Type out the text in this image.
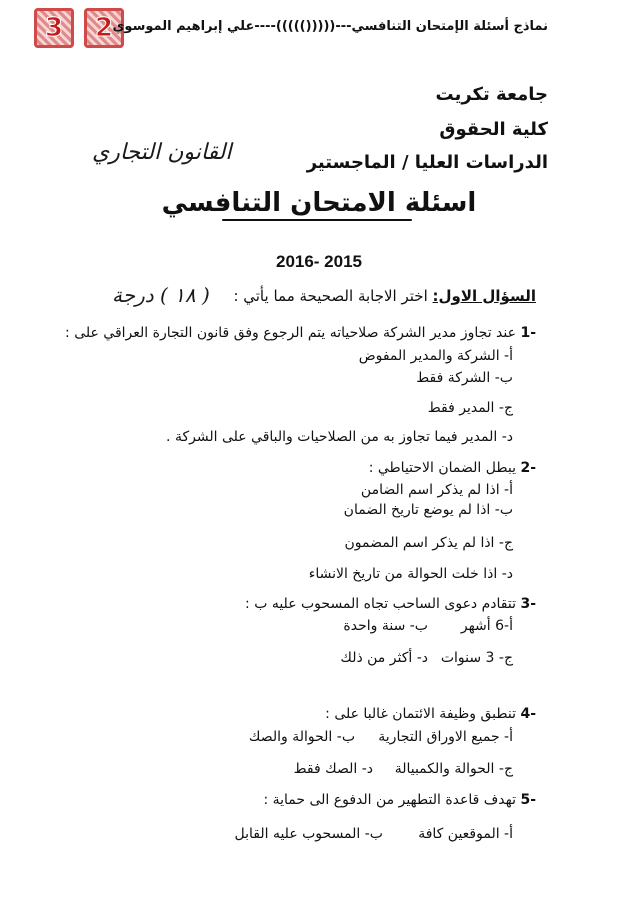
3	2 نماذج أسئلة الإمتحان التنافسي---((((()))))----علي إبراهيم الموسوي
جامعة تكريت
كلية الحقوق
الدراسات العليا / الماجستير
القانون التجاري
اسئلة الامتحان التنافسي
2016- 2015
السؤال الاول: اختر الاجابة الصحيحة مما يأتي :
( ١٨ ) درجة
-1 عند تجاوز مدير الشركة صلاحياته يتم الرجوع وفق قانون التجارة العراقي على :
أ- الشركة والمدير المفوض
ب- الشركة فقط
ج- المدير فقط
د- المدير فيما تجاوز به من الصلاحيات والباقي على الشركة .
-2 يبطل الضمان الاحتياطي :
أ- اذا لم يذكر اسم الضامن
ب- اذا لم يوضع تاريخ الضمان
ج- اذا لم يذكر اسم المضمون
د- اذا خلت الحوالة من تاريخ الانشاء
-3 تتقادم دعوى الساحب تجاه المسحوب عليه ب :
أ-6 أشهر
ب- سنة واحدة
ج- 3 سنوات
د- أكثر من ذلك
-4 تنطبق وظيفة الائتمان غالبا على :
أ- جميع الاوراق التجارية
ب- الحوالة والصك
ج- الحوالة والكمبيالة
د- الصك فقط
-5 تهدف قاعدة التطهير من الدفوع الى حماية :
أ- الموقعين كافة
ب- المسحوب عليه القابل
